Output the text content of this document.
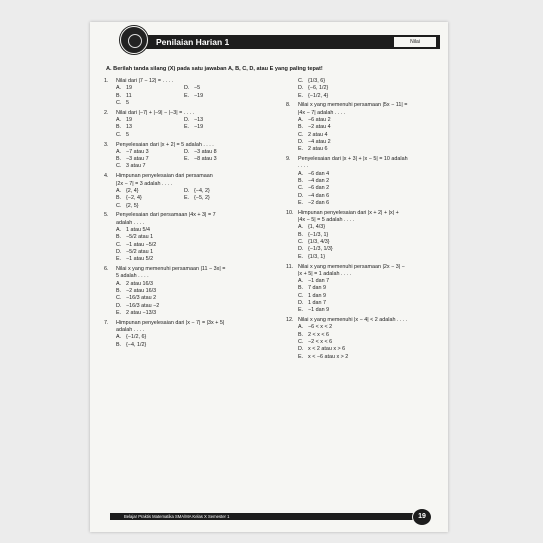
Penilaian Harian 1	Nilai
A. Berilah tanda silang (X) pada satu jawaban A, B, C, D, atau E yang paling tepat!
1.	Nilai dari |7 − 12| = . . . .
A. 19	D. −5
B. 11	E. −19
C. 5
2.	Nilai dari |−7| + |−9| − |−3| = . . . .
A. 19	D. −13
B. 13	E. −19
C. 5
3.	Penyelesaian dari |x + 2| = 5 adalah . . . .
A. −7 atau 3	D. −3 atau 8
B. −3 atau 7	E. −8 atau 3
C. 3 atau 7
4.	Himpunan penyelesaian dari persamaan
|2x − 7| = 3 adalah . . . .
A. {2, 4}	D. {−4, 2}
B. {−2, 4}	E. {−5, 2}
C. {2, 5}
5.	Penyelesaian dari persamaan |4x + 3| = 7
adalah . . . .
A. 1 atau 5/4
B. −5/2 atau 1
C. −1 atau −5/2
D. −5/2 atau 1
E. −1 atau 5/2
6.	Nilai x yang memenuhi persamaan |11 − 3x| =
5 adalah . . . .
A. 2 atau 16/3
B. −2 atau 16/3
C. −16/3 atau 2
D. −16/3 atau −2
E. 2 atau −13/3
7.	Himpunan penyelesaian dari |x − 7| = |3x + 5|
adalah . . . .
A. {−1/2, 6}
B. {−4, 1/2}
C. {1/3, 6}
D. {−6, 1/2}
E. {−1/2, 4}
8.	Nilai x yang memenuhi persamaan |5x − 11| =
|4x − 7| adalah . . . .
A. −6 atau 2
B. −2 atau 4
C. 2 atau 4
D. −4 atau 2
E. 2 atau 6
9.	Penyelesaian dari |x + 3| + |x − 5| = 10 adalah
. . . .
A. −6 dan 4
B. −4 dan 2
C. −6 dan 2
D. −4 dan 6
E. −2 dan 6
10. Himpunan penyelesaian dari |x + 2| + |x| +
|4x − 5| = 5 adalah . . . .
A. {1, 4/3}
B. {−1/3, 1}
C. {1/3, 4/3}
D. {−1/3, 1/3}
E. {1/3, 1}
11. Nilai x yang memenuhi persamaan |2x − 3| −
|x + 5| = 1 adalah . . . .
A. −1 dan 7
B. 7 dan 9
C. 1 dan 9
D. 1 dan 7
E. −1 dan 9
12. Nilai x yang memenuhi |x − 4| < 2 adalah . . . .
A. −6 < x < 2
B. 2 < x < 6
C. −2 < x < 6
D. x < 2 atau x > 6
E. x < −6 atau x > 2
Belajar Praktis Matematika SMA/MA Kelas X Semester 1	19
